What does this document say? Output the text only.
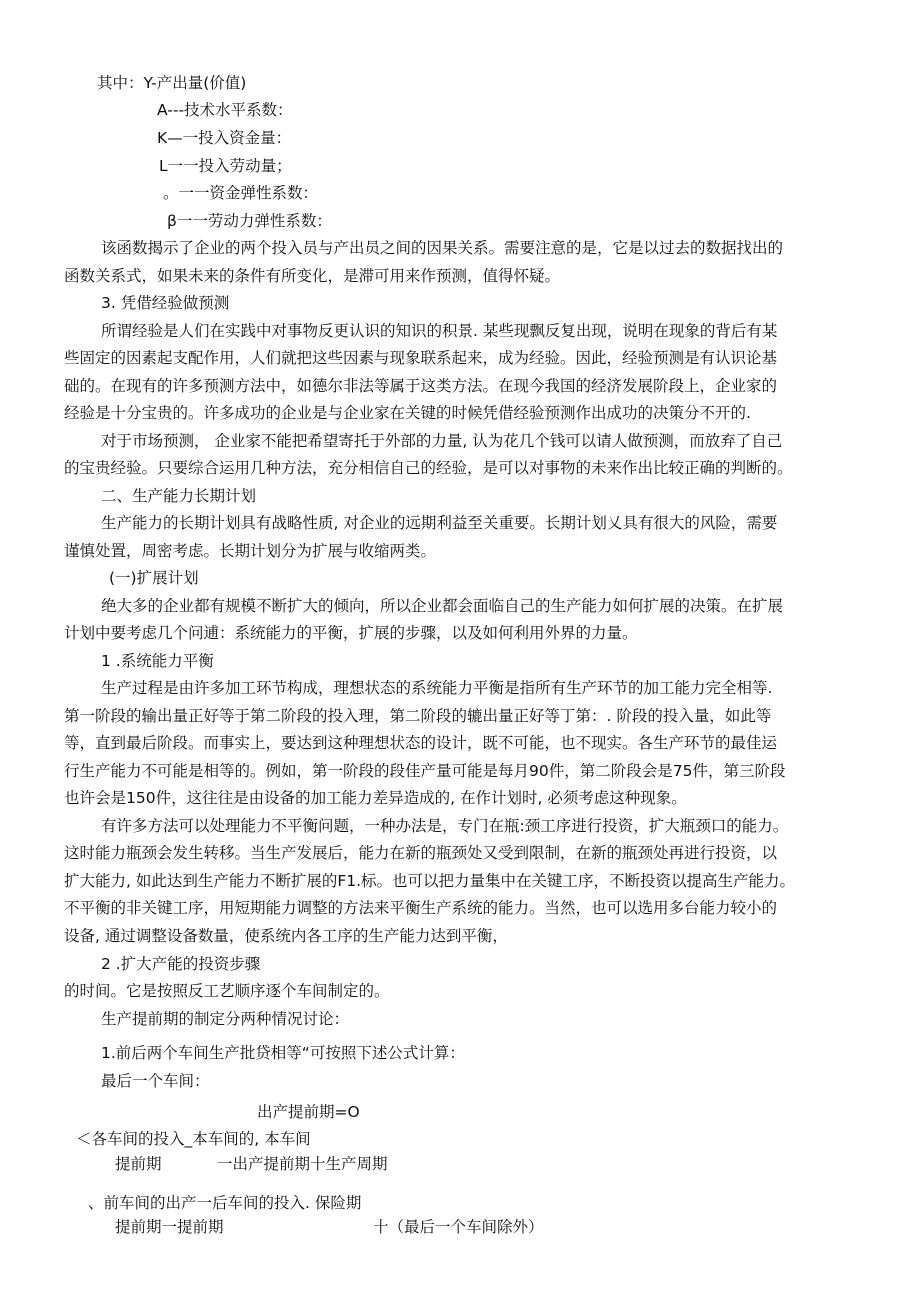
其中：Y-产出量(价值)
A---技术水平系数：
K—一投入资金量：
L一一投入劳动量；
。一一资金弹性系数：
β一一劳动力弹性系数：
该函数揭示了企业的两个投入员与产出员之间的因果关系。需要注意的是，它是以过去的数据找出的
函数关系式，如果未来的条件有所变化，是滞可用来作预测，值得怀疑。
3. 凭借经验做预测
所谓经验是人们在实践中对事物反更认识的知识的积景. 某些现飘反复出现，说明在现象的背后有某
些固定的因素起支配作用，人们就把这些因素与现象联系起来，成为经验。因此，经验预测是有认识论基
础的。在现有的许多预测方法中，如德尔非法等属于这类方法。在现今我国的经济发展阶段上，企业家的
经验是十分宝贵的。许多成功的企业是与企业家在关键的时候凭借经验预测作出成功的决策分不开的.
对于市场预测， 企业家不能把希望寄托于外部的力量, 认为花几个钱可以请人做预测，而放弃了自己
的宝贵经验。只要综合运用几种方法，充分相信自己的经验，是可以对事物的未来作出比较正确的判断的。
二、生产能力长期计划
生产能力的长期计划具有战略性质, 对企业的远期利益至关重要。长期计划乂具有很大的风险，需要
谨慎处置，周密考虑。长期计划分为扩展与收缩两类。
(一)扩展计划
绝大多的企业都有规模不断扩大的倾向，所以企业都会面临自己的生产能力如何扩展的决策。在扩展
计划中要考虑几个问逋：系统能力的平衡，扩展的步骤，以及如何利用外界的力量。
1 .系统能力平衡
生产过程是由许多加工环节构成，理想状态的系统能力平衡是指所有生产环节的加工能力完全相等.
第一阶段的输出量正好等于第二阶段的投入理，第二阶段的辘出量正好等丁第：. 阶段的投入量，如此等
等，直到最后阶段。而事实上，要达到这种理想状态的设计，既不可能，也不现实。各生产环节的最佳运
行生产能力不可能是相等的。例如，第一阶段的段佳产量可能是每月90件，第二阶段会是75件，第三阶段
也许会是150件，这往往是由设备的加工能力差异造成的, 在作计划时, 必须考虑这种现象。
有许多方法可以处理能力不平衡问题，一种办法是，专门在瓶:颈工序进行投资，扩大瓶颈口的能力。
这时能力瓶颈会发生转移。当生产发展后，能力在新的瓶颈处又受到限制，在新的瓶颈处再进行投资，以
扩大能力, 如此达到生产能力不断扩展的F1.标。也可以把力量集中在关键工序，不断投资以提高生产能力。
不平衡的非关键工序，用短期能力调整的方法来平衡生产系统的能力。当然，也可以选用多台能力较小的
设备, 通过调整设备数量，使系统内各工序的生产能力达到平衡，
2 .扩大产能的投资步骤
的时间。它是按照反工艺顺序逐个车间制定的。
生产提前期的制定分两种情况讨论：
1.前后两个车间生产批贷相等“可按照下述公式计算：
最后一个车间：
出产提前期=O
＜各车间的投入_本车间的, 本车间
提前期	一出产提前期十生产周期
、前车间的出产一后车间的投入. 保险期
提前期一提前期	十（最后一个车间除外）
